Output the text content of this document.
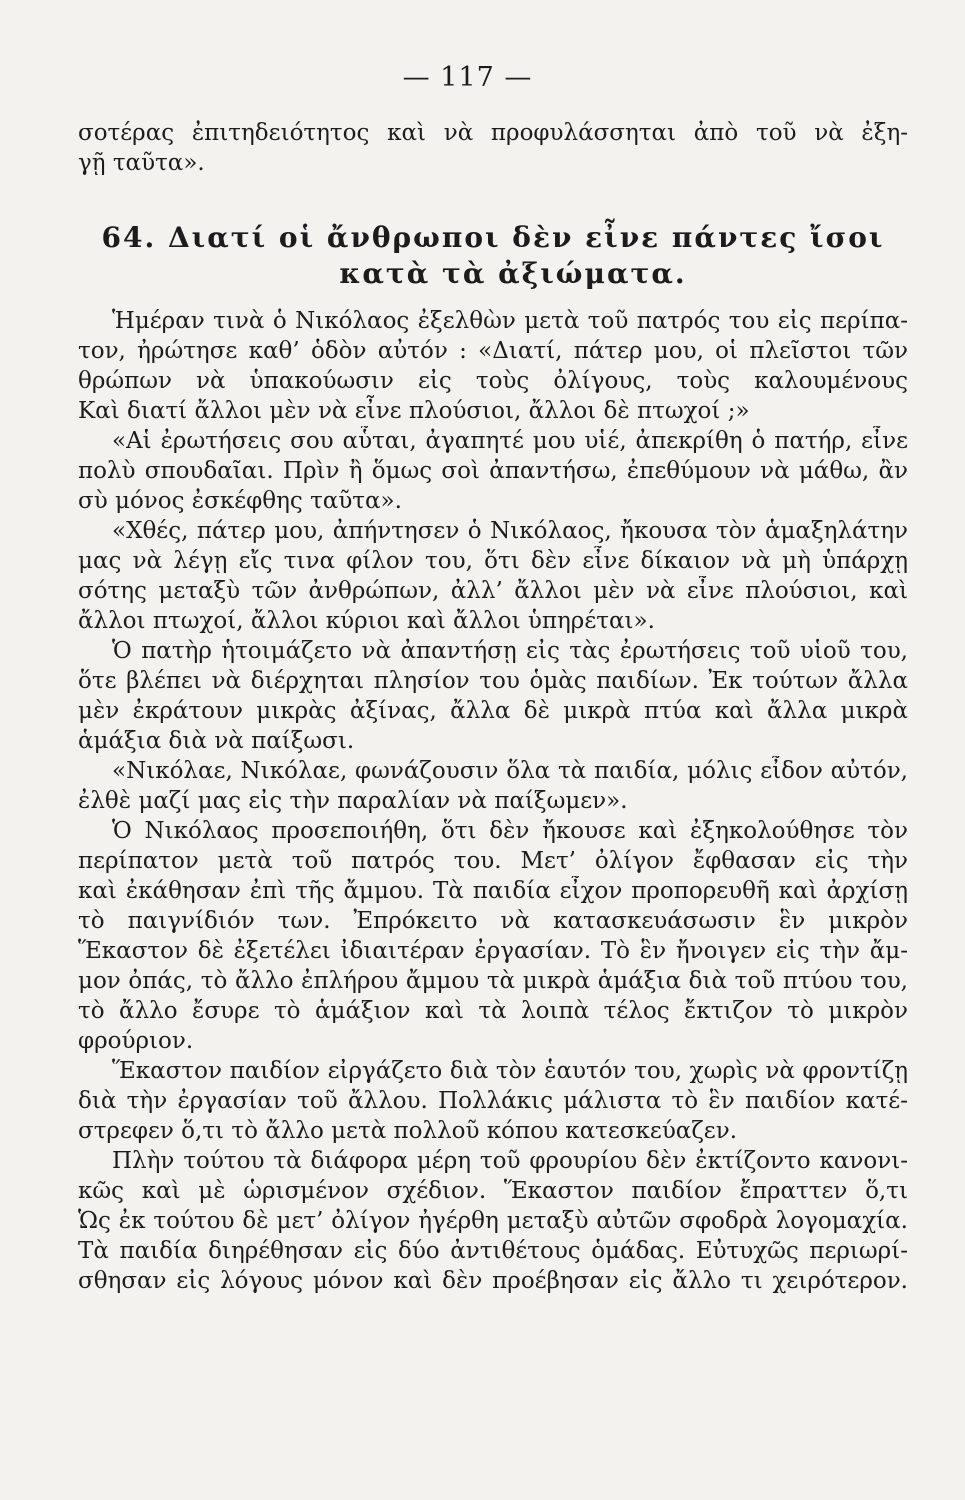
— 117 —
σοτέρας ἐπιτηδειότητος καὶ νὰ προφυλάσσηται ἀπὸ τοῦ νὰ ἐξη-
γῇ ταῦτα».
64. Διατί οἱ ἄνθρωποι δὲν εἶνε πάντες ἴσοι
κατὰ τὰ ἀξιώματα.
Ἡμέραν τινὰ ὁ Νικόλαος ἐξελθὼν μετὰ τοῦ πατρός του εἰς περίπα-
τον, ἠρώτησε καθ’ ὁδὸν αὐτόν : «Διατί, πάτερ μου, οἱ πλεῖστοι τῶν
θρώπων νὰ ὑπακούωσιν εἰς τοὺς ὀλίγους, τοὺς καλουμένους
Καὶ διατί ἄλλοι μὲν νὰ εἶνε πλούσιοι, ἄλλοι δὲ πτωχοί ;»
«Αἱ ἐρωτήσεις σου αὗται, ἀγαπητέ μου υἱέ, ἀπεκρίθη ὁ πατήρ, εἶνε
πολὺ σπουδαῖαι. Πρὶν ἢ ὅμως σοὶ ἀπαντήσω, ἐπεθύμουν νὰ μάθω, ἂν
σὺ μόνος ἐσκέφθης ταῦτα».
«Χθές, πάτερ μου, ἀπήντησεν ὁ Νικόλαος, ἤκουσα τὸν ἁμαξηλάτην
μας νὰ λέγῃ εἴς τινα φίλον του, ὅτι δὲν εἶνε δίκαιον νὰ μὴ ὑπάρχῃ
σότης μεταξὺ τῶν ἀνθρώπων, ἀλλ’ ἄλλοι μὲν νὰ εἶνε πλούσιοι, καὶ
ἄλλοι πτωχοί, ἄλλοι κύριοι καὶ ἄλλοι ὑπηρέται».
Ὁ πατὴρ ἡτοιμάζετο νὰ ἀπαντήσῃ εἰς τὰς ἐρωτήσεις τοῦ υἱοῦ του,
ὅτε βλέπει νὰ διέρχηται πλησίον του ὁμὰς παιδίων. Ἐκ τούτων ἄλλα
μὲν ἐκράτουν μικρὰς ἀξίνας, ἄλλα δὲ μικρὰ πτύα καὶ ἄλλα μικρὰ
ἁμάξια διὰ νὰ παίξωσι.
«Νικόλαε, Νικόλαε, φωνάζουσιν ὅλα τὰ παιδία, μόλις εἶδον αὐτόν,
ἐλθὲ μαζί μας εἰς τὴν παραλίαν νὰ παίξωμεν».
Ὁ Νικόλαος προσεποιήθη, ὅτι δὲν ἤκουσε καὶ ἐξηκολούθησε τὸν
περίπατον μετὰ τοῦ πατρός του. Μετ’ ὀλίγον ἔφθασαν εἰς τὴν
καὶ ἐκάθησαν ἐπὶ τῆς ἄμμου. Τὰ παιδία εἶχον προπορευθῆ καὶ ἀρχίσῃ
τὸ παιγνίδιόν των. Ἐπρόκειτο νὰ κατασκευάσωσιν ἓν μικρὸν
Ἕκαστον δὲ ἐξετέλει ἰδιαιτέραν ἐργασίαν. Τὸ ἓν ἤνοιγεν εἰς τὴν ἄμ-
μον ὀπάς, τὸ ἄλλο ἐπλήρου ἄμμου τὰ μικρὰ ἁμάξια διὰ τοῦ πτύου του,
τὸ ἄλλο ἔσυρε τὸ ἁμάξιον καὶ τὰ λοιπὰ τέλος ἔκτιζον τὸ μικρὸν
φρούριον.
Ἕκαστον παιδίον εἰργάζετο διὰ τὸν ἑαυτόν του, χωρὶς νὰ φροντίζῃ
διὰ τὴν ἐργασίαν τοῦ ἄλλου. Πολλάκις μάλιστα τὸ ἓν παιδίον κατέ-
στρεφεν ὅ,τι τὸ ἄλλο μετὰ πολλοῦ κόπου κατεσκεύαζεν.
Πλὴν τούτου τὰ διάφορα μέρη τοῦ φρουρίου δὲν ἐκτίζοντο κανονι-
κῶς καὶ μὲ ὡρισμένον σχέδιον. Ἕκαστον παιδίον ἔπραττεν ὅ,τι
Ὡς ἐκ τούτου δὲ μετ’ ὀλίγον ἠγέρθη μεταξὺ αὐτῶν σφοδρὰ λογομαχία.
Τὰ παιδία διηρέθησαν εἰς δύο ἀντιθέτους ὁμάδας. Εὐτυχῶς περιωρί-
σθησαν εἰς λόγους μόνον καὶ δὲν προέβησαν εἰς ἄλλο τι χειρότερον.
